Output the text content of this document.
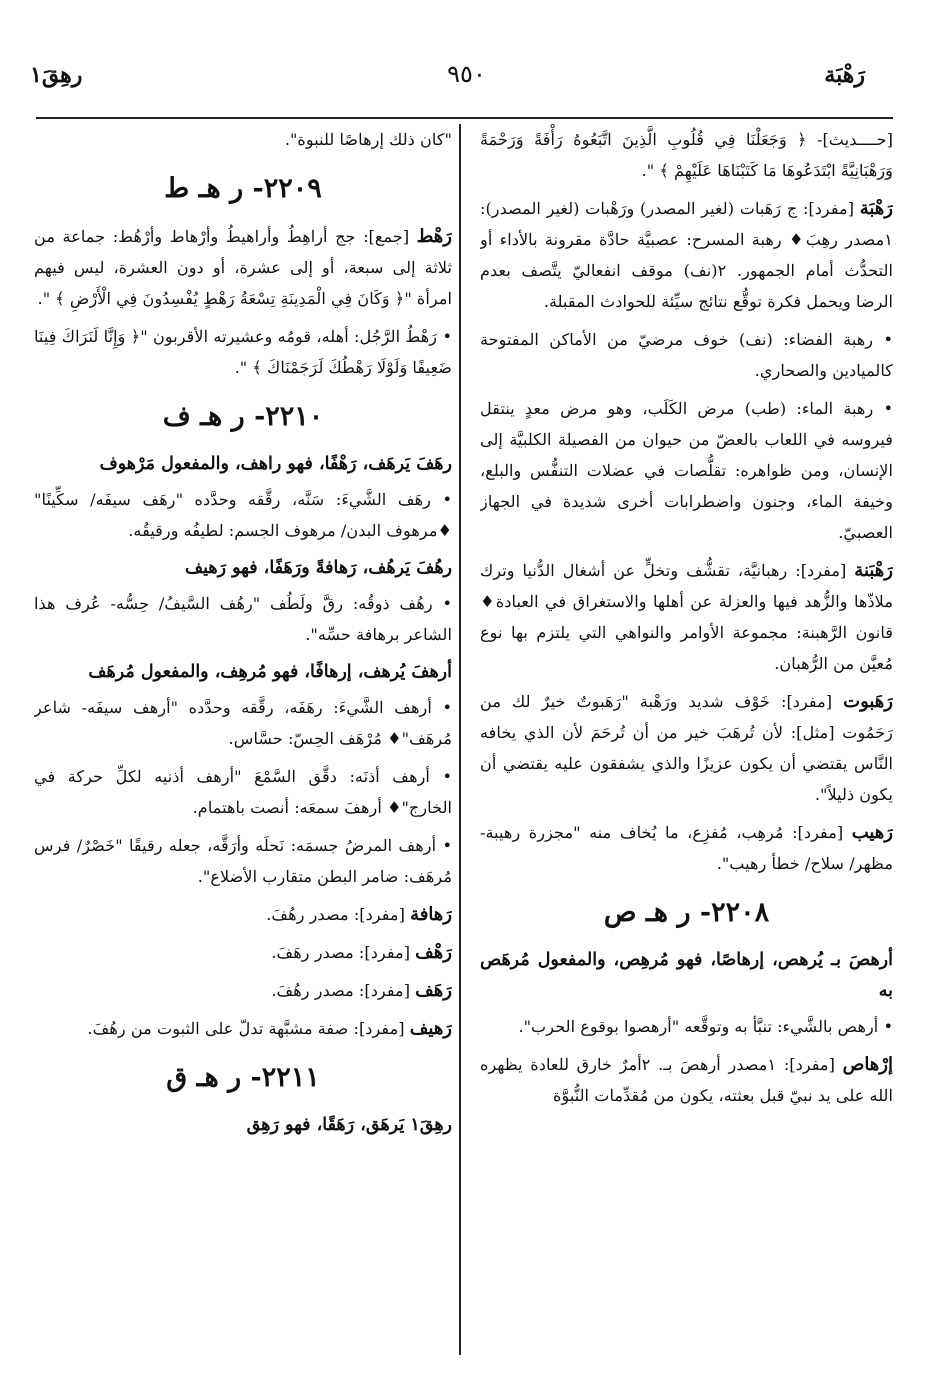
رَهْبَة
٩٥٠
رهِقَ١

[حــــديث]- ﴿ وَجَعَلْنَا فِي قُلُوبِ الَّذِينَ اتَّبَعُوهُ رَأْفَةً وَرَحْمَةً وَرَهْبَانِيَّةً ابْتَدَعُوهَا مَا كَتَبْنَاهَا عَلَيْهِمْ ﴾ ".

رَهْبَة [مفرد]: ج رَهَبات (لغير المصدر) ورَهْبات (لغير المصدر): ١مصدر رهِبَ♦ رهبة المسرح: عصبيَّة حادَّة مقرونة بالأداء أو التحدُّث أمام الجمهور. ٢(نف) موقف انفعاليّ يتَّصف بعدم الرضا ويحمل فكرة توقُّع نتائج سيِّئة للحوادث المقبلة.

• رهبة الفضاء: (نف) خوف مرضيّ من الأماكن المفتوحة كالميادين والصحاري.

• رهبة الماء: (طب) مرض الكَلَب، وهو مرض معدٍ ينتقل فيروسه في اللعاب بالعضّ من حيوان من الفصيلة الكلبيَّة إلى الإنسان، ومن ظواهره: تقلُّصات في عضلات التنفُّس والبلع، وخيفة الماء، وجنون واضطرابات أخرى شديدة في الجهاز العصبيّ.

رَهْبَنة [مفرد]: رهبانيَّة، تقشُّف وتخلٍّ عن أشغال الدُّنيا وترك ملاذّها والزُّهد فيها والعزلة عن أهلها والاستغراق في العبادة♦ قانون الرَّهبنة: مجموعة الأوامر والنواهي التي يلتزم بها نوع مُعيَّن من الرُّهبان.

رَهَبوت [مفرد]: خَوْف شديد ورَهْبة "رَهَبوتٌ خيرٌ لك من رَحَمُوت [مثل]: لأن تُرهَبَ خير من أن تُرحَمَ لأن الذي يخافه النَّاس يقتضي أن يكون عزيزًا والذي يشفقون عليه يقتضي أن يكون ذليلاً".

رَهيب [مفرد]: مُرهِب، مُفزِع، ما يُخاف منه "مجزرة رهيبة- مظهر/ سلاح/ خطأ رهيب".

٢٢٠٨- ر هـ ص

أرهصَ بـ يُرهص، إرهاصًا، فهو مُرهِص، والمفعول مُرهَص به

• أرهص بالشَّيء: تنبَّأ به وتوقَّعه "أرهصوا بوقوع الحرب".

إرْهاص [مفرد]: ١مصدر أرهصَ بـ. ٢أمرٌ خارق للعادة يظهره الله على يد نبيّ قبل بعثته، يكون من مُقدِّمات النُّبوَّة

"كان ذلك إرهاصًا للنبوة".

٢٢٠٩- ر هـ ط

رَهْط [جمع]: جج أراهِطُ وأراهيطُ وأرْهاط وأرْهُط: جماعة من ثلاثة إلى سبعة، أو إلى عشرة، أو دون العشرة، ليس فيهم امرأة "﴿ وَكَانَ فِي الْمَدِينَةِ تِسْعَةُ رَهْطٍ يُفْسِدُونَ فِي الْأَرْضِ ﴾ ".

• رَهْطُ الرَّجُل: أهله، قومُه وعشيرته الأقربون "﴿ وَإِنَّا لَنَرَاكَ فِينَا ضَعِيفًا وَلَوْلَا رَهْطُكَ لَرَجَمْنَاكَ ﴾ ".

٢٢١٠- ر هـ ف

رهَفَ يَرهَف، رَهْفًا، فهو راهف، والمفعول مَرْهوف

• رهَف الشَّيءَ: سَنَّه، رقَّقه وحدَّده "رهَف سيفَه/ سكِّينًا" ♦مرهوف البدن/ مرهوف الجسم: لطيفُه ورقيقُه.

رهُفَ يَرهُف، رَهافةً ورَهَفًا، فهو رَهيف

• رهُف ذوقُه: رقَّ ولَطُف "رهُف السَّيفُ/ حِسُّه- عُرف هذا الشاعر برهافة حسِّه".

أرهفَ يُرهف، إرهافًا، فهو مُرهِف، والمفعول مُرهَف

• أرهف الشَّيءَ: رهَفَه، رقَّقه وحدَّده "أرهف سيفَه- شاعر مُرهَف"♦ مُرْهَف الحِسّ: حسَّاس.

• أرهف أذنَه: دقَّق السَّمْعَ "أرهف أذنيه لكلِّ حركة في الخارج"♦ أرهفَ سمعَه: أنصت باهتمام.

• أرهف المرضُ جسمَه: نَحلَه وأرَقَّه، جعله رقيقًا "خَصْرٌ/ فرس مُرهَف: ضامر البطن متقارب الأضلاع".

رَهافة [مفرد]: مصدر رهُفَ.

رَهْف [مفرد]: مصدر رهَفَ.

رَهَف [مفرد]: مصدر رهُفَ.

رَهيف [مفرد]: صفة مشبَّهة تدلّ على الثبوت من رهُفَ.

٢٢١١- ر هـ ق

رهِقَ١ يَرهَق، رَهَقًا، فهو رَهِق
